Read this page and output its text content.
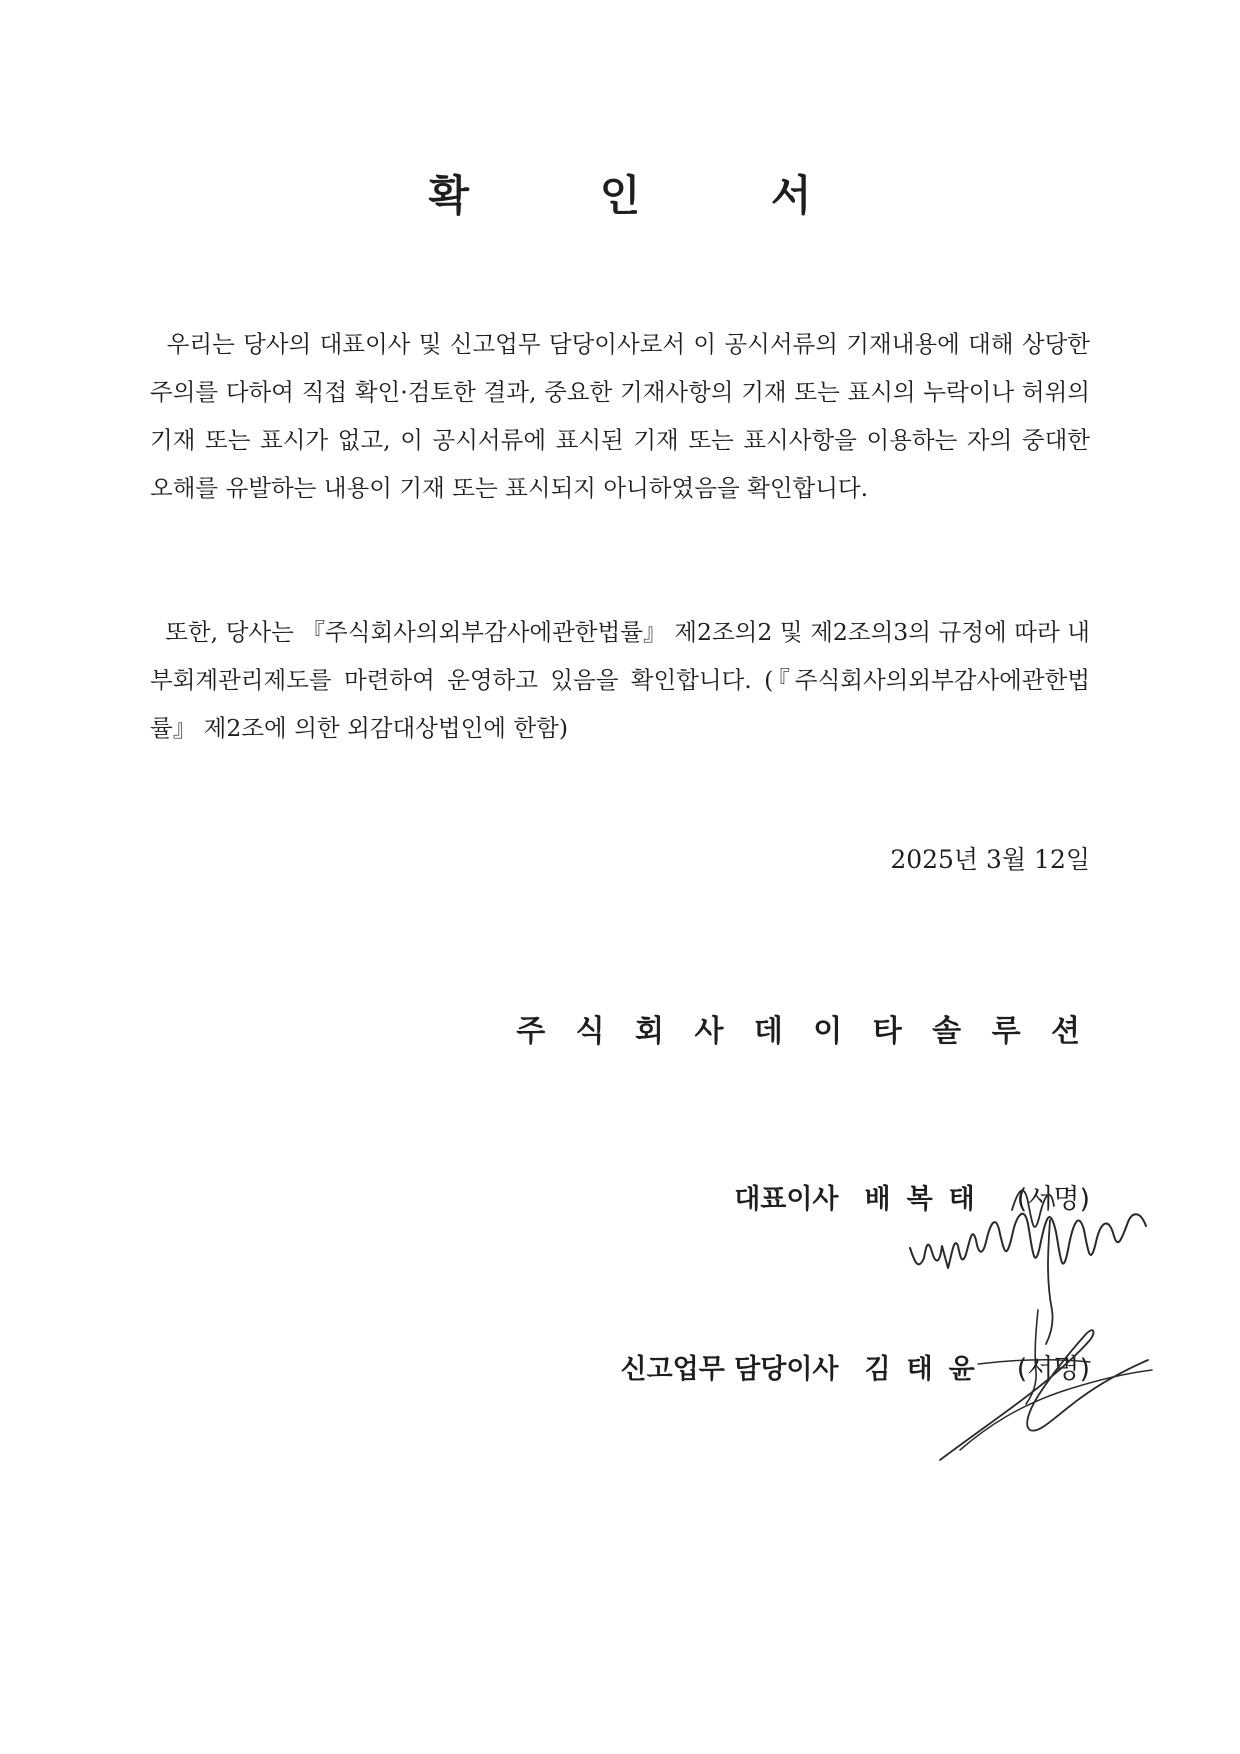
확 인 서
우리는 당사의 대표이사 및 신고업무 담당이사로서 이 공시서류의 기재내용에 대해 상당한 주의를 다하여 직접 확인·검토한 결과, 중요한 기재사항의 기재 또는 표시의 누락이나 허위의 기재 또는 표시가 없고, 이 공시서류에 표시된 기재 또는 표시사항을 이용하는 자의 중대한 오해를 유발하는 내용이 기재 또는 표시되지 아니하였음을 확인합니다.
또한, 당사는 『주식회사의외부감사에관한법률』 제2조의2 및 제2조의3의 규정에 따라 내부회계관리제도를 마련하여 운영하고 있음을 확인합니다. (『주식회사의외부감사에관한법률』 제2조에 의한 외감대상법인에 한함)
2025년 3월 12일
주 식 회 사 데 이 타 솔 루 션
대표이사 배복태 (서명)
신고업무 담당이사 김태윤 (서명)
